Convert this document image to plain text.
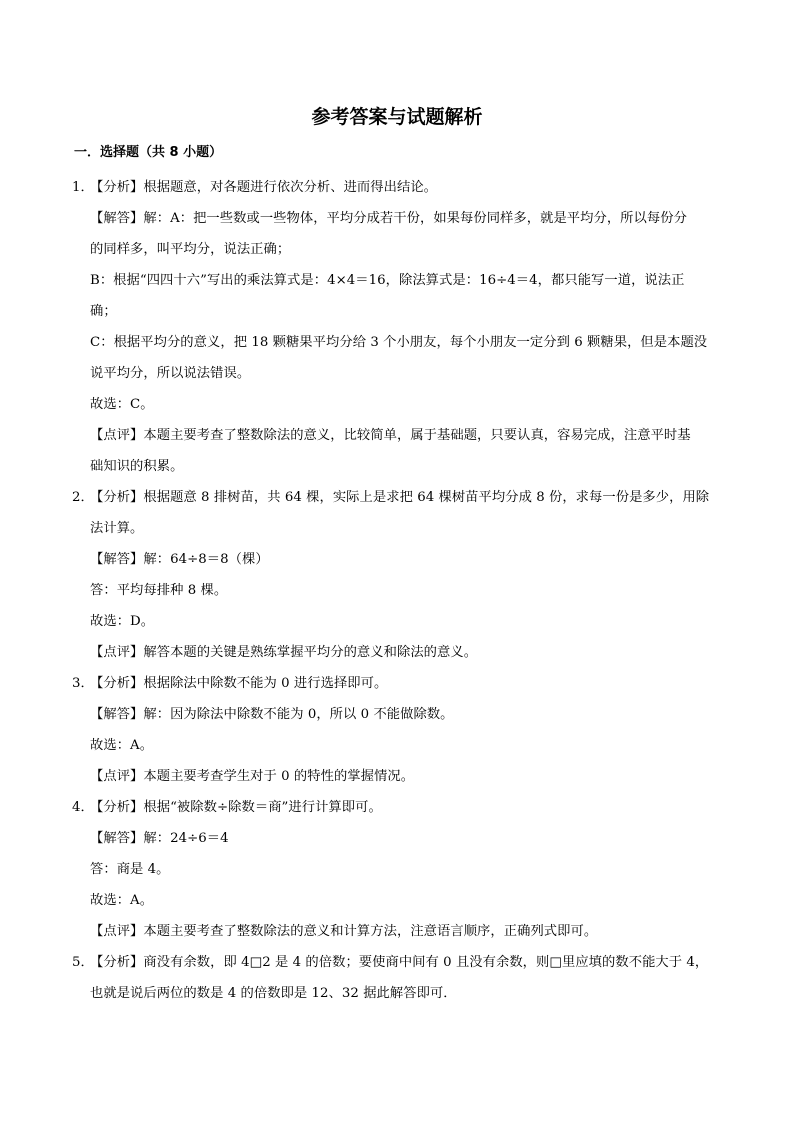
参考答案与试题解析
一．选择题（共 8 小题）
1．
【分析】根据题意，对各题进行依次分析、进而得出结论。
【解答】解：A：把一些数或一些物体，平均分成若干份，如果每份同样多，就是平均分，所以每份分
的同样多，叫平均分，说法正确；
B：根据“四四十六”写出的乘法算式是：4×4＝16，除法算式是：16÷4＝4，都只能写一道，说法正
确；
C：根据平均分的意义，把 18 颗糖果平均分给 3 个小朋友，每个小朋友一定分到 6 颗糖果，但是本题没
说平均分，所以说法错误。
故选：C。
【点评】本题主要考查了整数除法的意义，比较简单，属于基础题，只要认真，容易完成，注意平时基
础知识的积累。
2．
【分析】根据题意 8 排树苗，共 64 棵，实际上是求把 64 棵树苗平均分成 8 份，求每一份是多少，用除
法计算。
【解答】解：64÷8＝8（棵）
答：平均每排种 8 棵。
故选：D。
【点评】解答本题的关键是熟练掌握平均分的意义和除法的意义。
3．
【分析】根据除法中除数不能为 0 进行选择即可。
【解答】解：因为除法中除数不能为 0，所以 0 不能做除数。
故选：A。
【点评】本题主要考查学生对于 0 的特性的掌握情况。
4．
【分析】根据“被除数÷除数＝商”进行计算即可。
【解答】解：24÷6＝4
答：商是 4。
故选：A。
【点评】本题主要考查了整数除法的意义和计算方法，注意语言顺序，正确列式即可。
5．
【分析】商没有余数，即 4□2 是 4 的倍数；要使商中间有 0 且没有余数，则□里应填的数不能大于 4，
也就是说后两位的数是 4 的倍数即是 12、32 据此解答即可．
